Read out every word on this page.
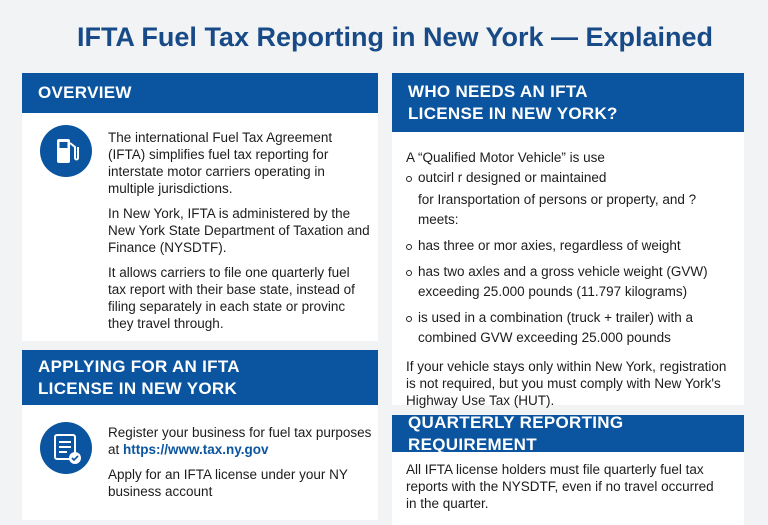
IFTA Fuel Tax Reporting in New York — Explained
OVERVIEW

The international Fuel Tax Agreement (IFTA) simplifies fuel tax reporting for interstate motor carriers operating in multiple jurisdictions.

In New York, IFTA is administered by the New York State Department of Taxation and Finance (NYSDTF).

It allows carriers to file one quarterly fuel tax report with their base state, instead of filing separately in each state or provinc they travel through.

APPLYING FOR AN IFTA LICENSE IN NEW YORK

Register your business for fuel tax purposes at https://www.tax.ny.gov

Apply for an IFTA license under your NY business account

WHO NEEDS AN IFTA LICENSE IN NEW YORK?
A “Qualified Motor Vehicle” is use
outcirl r designed or maintained
for Iransportation of persons or property, and ?
meets:
has three or mor axies, regardless of weight
has two axles and a gross vehicle weight (GVW) exceeding 25.000 pounds (11.797 kilograms)
is used in a combination (truck + trailer) with a combined GVW exceeding 25.000 pounds

If your vehicle stays only within New York, registration is not required, but you must comply with New York's Highway Use Tax (HUT).

QUARTERLY REPORTING REQUIREMENT
All IFTA license holders must file quarterly fuel tax reports with the NYSDTF, even if no travel occurred in the quarter.
